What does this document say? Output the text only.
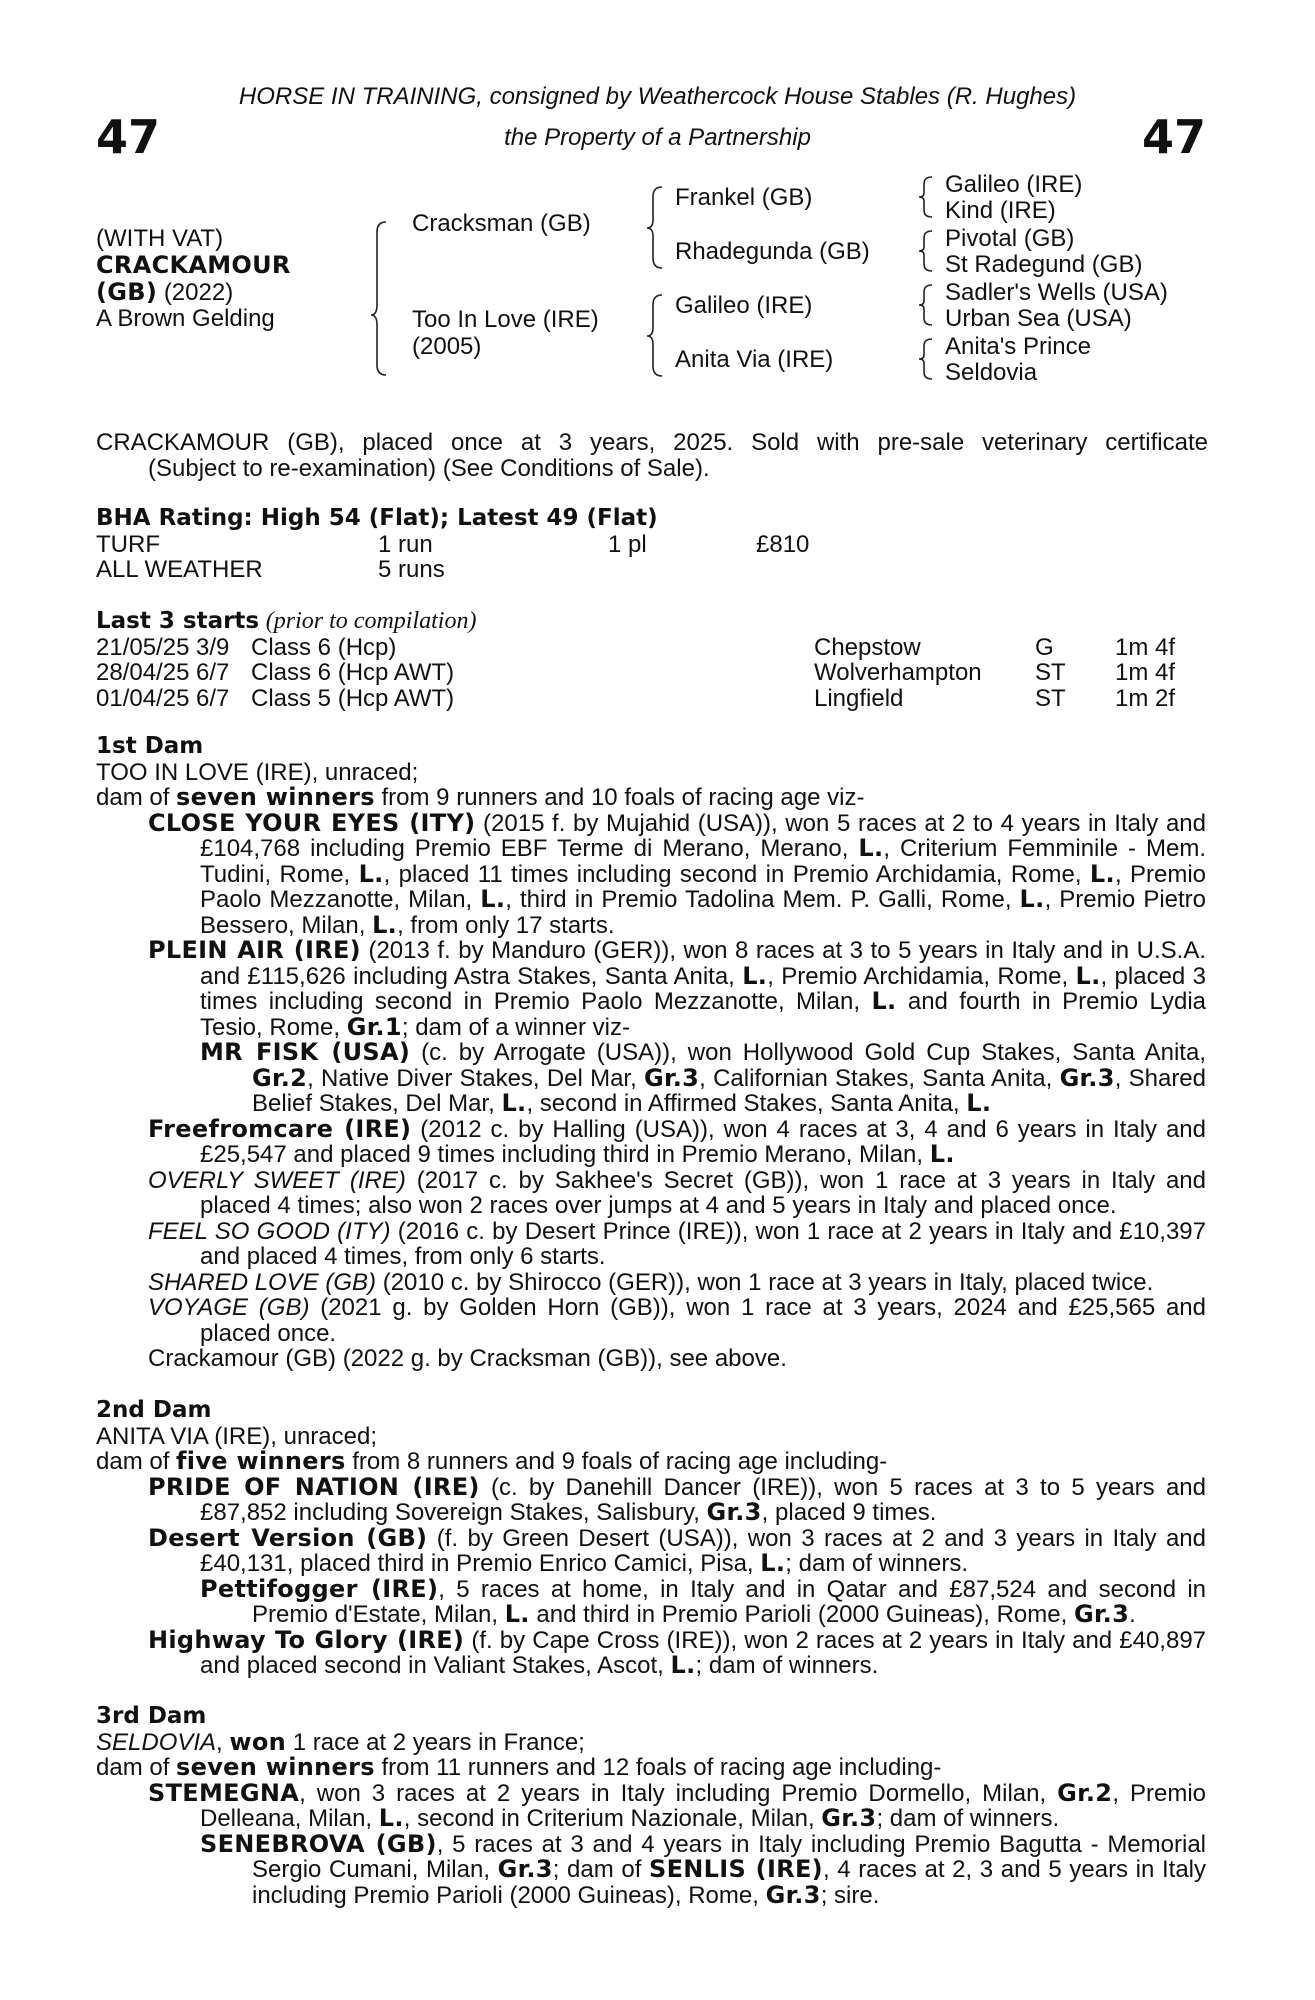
47	47
HORSE IN TRAINING, consigned by Weathercock House Stables (R. Hughes)
the Property of a Partnership
(WITH VAT)
CRACKAMOUR
(GB) (2022)
A Brown Gelding
Cracksman (GB)
Too In Love (IRE)
(2005)
Frankel (GB)
Rhadegunda (GB)
Galileo (IRE)
Anita Via (IRE)
Galileo (IRE)
Kind (IRE)
Pivotal (GB)
St Radegund (GB)
Sadler's Wells (USA)
Urban Sea (USA)
Anita's Prince
Seldovia

CRACKAMOUR (GB), placed once at 3 years, 2025. Sold with pre-sale veterinary certificate

(Subject to re-examination) (See Conditions of Sale).

BHA Rating: High 54 (Flat); Latest 49 (Flat)

TURF	1 run	1 pl	£810
ALL WEATHER	5 runs		

Last 3 starts (prior to compilation)

21/05/25	3/9	Class 6 (Hcp)	Chepstow	G	1m 4f
28/04/25	6/7	Class 6 (Hcp AWT)	Wolverhampton	ST	1m 4f
01/04/25	6/7	Class 5 (Hcp AWT)	Lingfield	ST	1m 2f

1st Dam

TOO IN LOVE (IRE), unraced;

dam of seven winners from 9 runners and 10 foals of racing age viz-

CLOSE YOUR EYES (ITY) (2015 f. by Mujahid (USA)), won 5 races at 2 to 4 years in Italy and £104,768 including Premio EBF Terme di Merano, Merano, L., Criterium Femminile - Mem. Tudini, Rome, L., placed 11 times including second in Premio Archidamia, Rome, L., Premio Paolo Mezzanotte, Milan, L., third in Premio Tadolina Mem. P. Galli, Rome, L., Premio Pietro Bessero, Milan, L., from only 17 starts.

PLEIN AIR (IRE) (2013 f. by Manduro (GER)), won 8 races at 3 to 5 years in Italy and in U.S.A. and £115,626 including Astra Stakes, Santa Anita, L., Premio Archidamia, Rome, L., placed 3 times including second in Premio Paolo Mezzanotte, Milan, L. and fourth in Premio Lydia Tesio, Rome, Gr.1; dam of a winner viz-

MR FISK (USA) (c. by Arrogate (USA)), won Hollywood Gold Cup Stakes, Santa Anita, Gr.2, Native Diver Stakes, Del Mar, Gr.3, Californian Stakes, Santa Anita, Gr.3, Shared Belief Stakes, Del Mar, L., second in Affirmed Stakes, Santa Anita, L.

Freefromcare (IRE) (2012 c. by Halling (USA)), won 4 races at 3, 4 and 6 years in Italy and £25,547 and placed 9 times including third in Premio Merano, Milan, L.

OVERLY SWEET (IRE) (2017 c. by Sakhee's Secret (GB)), won 1 race at 3 years in Italy and placed 4 times; also won 2 races over jumps at 4 and 5 years in Italy and placed once.

FEEL SO GOOD (ITY) (2016 c. by Desert Prince (IRE)), won 1 race at 2 years in Italy and £10,397 and placed 4 times, from only 6 starts.

SHARED LOVE (GB) (2010 c. by Shirocco (GER)), won 1 race at 3 years in Italy, placed twice.

VOYAGE (GB) (2021 g. by Golden Horn (GB)), won 1 race at 3 years, 2024 and £25,565 and placed once.

Crackamour (GB) (2022 g. by Cracksman (GB)), see above.

2nd Dam

ANITA VIA (IRE), unraced;

dam of five winners from 8 runners and 9 foals of racing age including-

PRIDE OF NATION (IRE) (c. by Danehill Dancer (IRE)), won 5 races at 3 to 5 years and £87,852 including Sovereign Stakes, Salisbury, Gr.3, placed 9 times.

Desert Version (GB) (f. by Green Desert (USA)), won 3 races at 2 and 3 years in Italy and £40,131, placed third in Premio Enrico Camici, Pisa, L.; dam of winners.

Pettifogger (IRE), 5 races at home, in Italy and in Qatar and £87,524 and second in Premio d'Estate, Milan, L. and third in Premio Parioli (2000 Guineas), Rome, Gr.3.

Highway To Glory (IRE) (f. by Cape Cross (IRE)), won 2 races at 2 years in Italy and £40,897 and placed second in Valiant Stakes, Ascot, L.; dam of winners.

3rd Dam

SELDOVIA, won 1 race at 2 years in France;

dam of seven winners from 11 runners and 12 foals of racing age including-

STEMEGNA, won 3 races at 2 years in Italy including Premio Dormello, Milan, Gr.2, Premio Delleana, Milan, L., second in Criterium Nazionale, Milan, Gr.3; dam of winners.

SENEBROVA (GB), 5 races at 3 and 4 years in Italy including Premio Bagutta - Memorial Sergio Cumani, Milan, Gr.3; dam of SENLIS (IRE), 4 races at 2, 3 and 5 years in Italy including Premio Parioli (2000 Guineas), Rome, Gr.3; sire.
